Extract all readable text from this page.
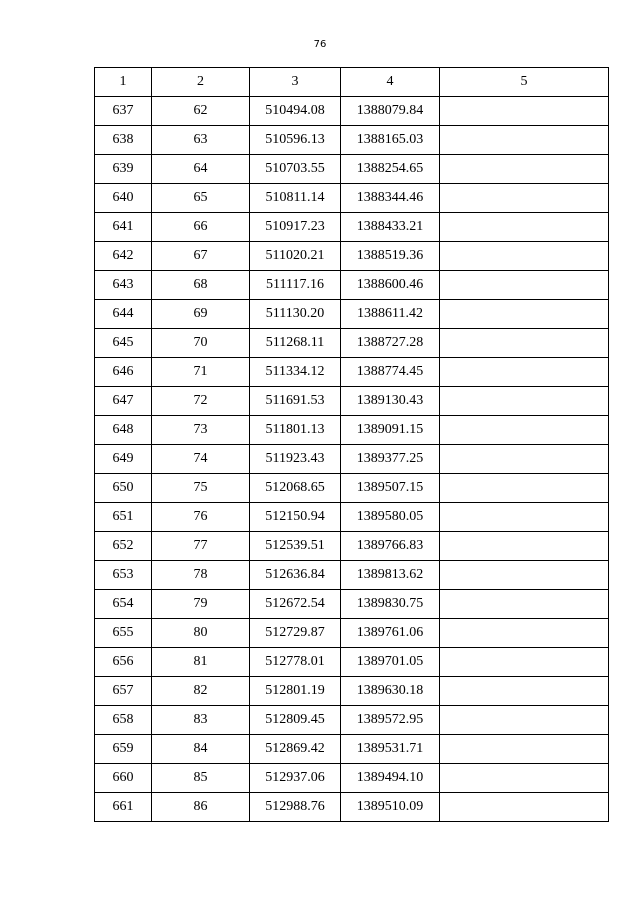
76
1	2	3	4	5
637	62	510494.08	1388079.84	
638	63	510596.13	1388165.03	
639	64	510703.55	1388254.65	
640	65	510811.14	1388344.46	
641	66	510917.23	1388433.21	
642	67	511020.21	1388519.36	
643	68	511117.16	1388600.46	
644	69	511130.20	1388611.42	
645	70	511268.11	1388727.28	
646	71	511334.12	1388774.45	
647	72	511691.53	1389130.43	
648	73	511801.13	1389091.15	
649	74	511923.43	1389377.25	
650	75	512068.65	1389507.15	
651	76	512150.94	1389580.05	
652	77	512539.51	1389766.83	
653	78	512636.84	1389813.62	
654	79	512672.54	1389830.75	
655	80	512729.87	1389761.06	
656	81	512778.01	1389701.05	
657	82	512801.19	1389630.18	
658	83	512809.45	1389572.95	
659	84	512869.42	1389531.71	
660	85	512937.06	1389494.10	
661	86	512988.76	1389510.09	
